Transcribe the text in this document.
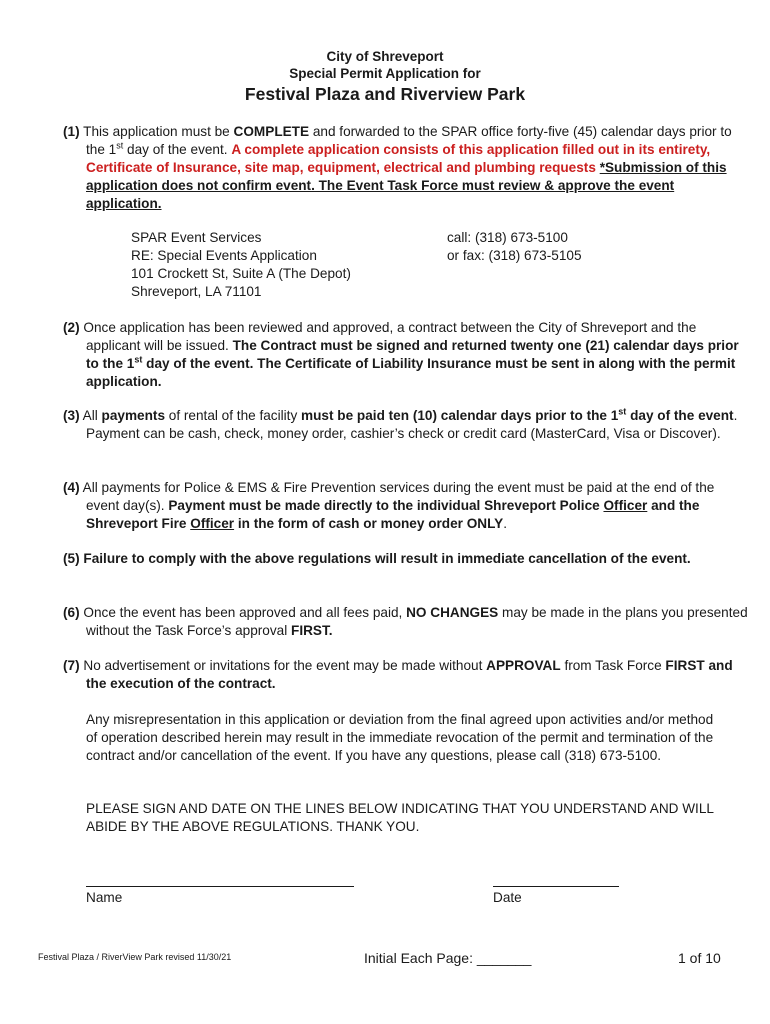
City of Shreveport
Special Permit Application for
Festival Plaza and Riverview Park
(1) This application must be COMPLETE and forwarded to the SPAR office forty-five (45) calendar days prior to the 1st day of the event. A complete application consists of this application filled out in its entirety, Certificate of Insurance, site map, equipment, electrical and plumbing requests *Submission of this application does not confirm event. The Event Task Force must review & approve the event application.
SPAR Event Services
RE: Special Events Application
101 Crockett St, Suite A (The Depot)
Shreveport, LA 71101
call: (318) 673-5100
or fax: (318) 673-5105
(2) Once application has been reviewed and approved, a contract between the City of Shreveport and the applicant will be issued. The Contract must be signed and returned twenty one (21) calendar days prior to the 1st day of the event. The Certificate of Liability Insurance must be sent in along with the permit application.
(3) All payments of rental of the facility must be paid ten (10) calendar days prior to the 1st day of the event. Payment can be cash, check, money order, cashier’s check or credit card (MasterCard, Visa or Discover).
(4) All payments for Police & EMS & Fire Prevention services during the event must be paid at the end of the event day(s). Payment must be made directly to the individual Shreveport Police Officer and the Shreveport Fire Officer in the form of cash or money order ONLY.
(5) Failure to comply with the above regulations will result in immediate cancellation of the event.
(6) Once the event has been approved and all fees paid, NO CHANGES may be made in the plans you presented without the Task Force’s approval FIRST.
(7) No advertisement or invitations for the event may be made without APPROVAL from Task Force FIRST and the execution of the contract.
Any misrepresentation in this application or deviation from the final agreed upon activities and/or method of operation described herein may result in the immediate revocation of the permit and termination of the contract and/or cancellation of the event. If you have any questions, please call (318) 673-5100.
PLEASE SIGN AND DATE ON THE LINES BELOW INDICATING THAT YOU UNDERSTAND AND WILL ABIDE BY THE ABOVE REGULATIONS. THANK YOU.
Name	Date
Festival Plaza / RiverView Park revised 11/30/21	Initial Each Page: _______	1 of 10
